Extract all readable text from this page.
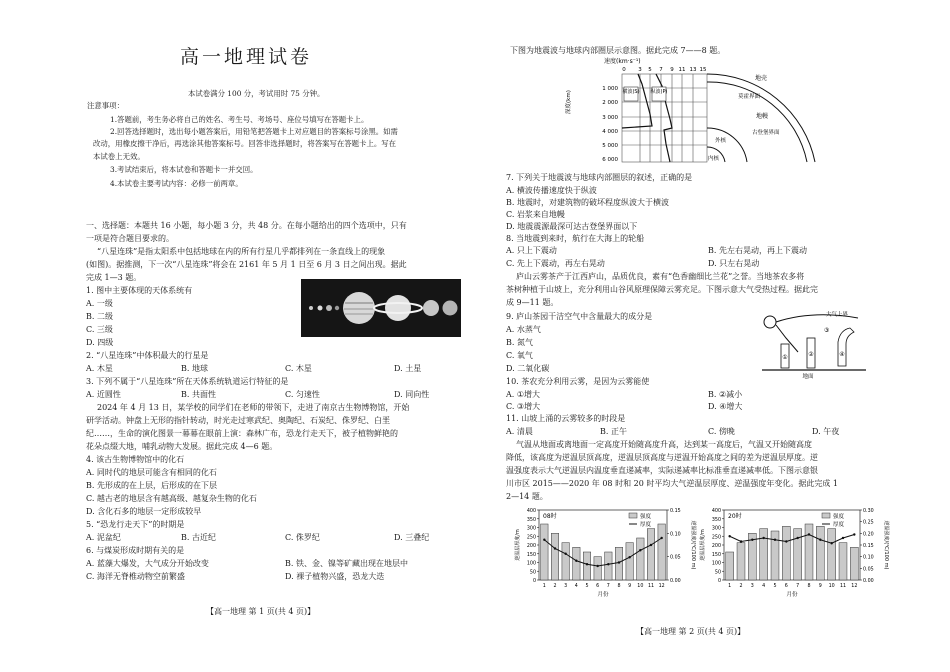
高一地理试卷
本试卷满分 100 分，考试用时 75 分钟。
注意事项：
1.答题前，考生务必将自己的姓名、考生号、考场号、座位号填写在答题卡上。
2.回答选择题时，选出每小题答案后，用铅笔把答题卡上对应题目的答案标号涂黑。如需
改动，用橡皮擦干净后，再选涂其他答案标号。回答非选择题时，将答案写在答题卡上。写在
本试卷上无效。
3.考试结束后，将本试卷和答题卡一并交回。
4.本试卷主要考试内容：必修一前两章。
一、选择题：本题共 16 小题，每小题 3 分，共 48 分。在每小题给出的四个选项中，只有
一项是符合题目要求的。
“八星连珠”是指太阳系中包括地球在内的所有行星几乎都排列在一条直线上的现象
(如图)。据推测，下一次“八星连珠”将会在 2161 年 5 月 1 日至 6 月 3 日之间出现。据此
完成 1—3 题。
1. 图中主要体现的天体系统有
A. 一级
B. 二级
C. 三级
D. 四级
2. “八星连珠”中体积最大的行星是
A. 木星	B. 地球	C. 木星	D. 土星
3. 下列不属于“八星连珠”所在天体系统轨道运行特征的是
A. 近圆性	B. 共面性	C. 匀速性	D. 同向性
2024 年 4 月 13 日，某学校的同学们在老师的带领下，走进了南京古生物博物馆，开始
研学活动。钟盘上无形的指针转动，时光走过寒武纪、奥陶纪、石炭纪、侏罗纪、白垩
纪……，生命的演化图景一幕幕在眼前上演：森林广布，恐龙行走天下，被子植物鲜艳的
花朵点缀大地，哺乳动物大发展。据此完成 4—6 题。
4. 该古生物博物馆中的化石
A. 同时代的地层可能含有相同的化石
B. 先形成的在上层，后形成的在下层
C. 越古老的地层含有越高级、越复杂生物的化石
D. 含化石多的地层一定形成较早
5. “恐龙行走天下”的时期是
A. 泥盆纪	B. 古近纪	C. 侏罗纪	D. 三叠纪
6. 与煤炭形成时期有关的是
A. 蓝藻大爆发，大气成分开始改变	B. 铁、金、镍等矿藏出现在地层中
C. 海洋无脊椎动物空前繁盛	D. 裸子植物兴盛，恐龙大迭
【高一地理 第 1 页(共 4 页)】
下图为地震波与地球内部圈层示意图。据此完成 7——8 题。
速度(km·s⁻¹)
0 3 5 7 9 11 13 15
1 000
2 000
3 000
4 000
5 000
6 000
深度(km)	横波(S) 纵波(P)
地壳
莫霍界面
地幔
古登堡界面
外核
内核
7. 下列关于地震波与地球内部圈层的叙述，正确的是
A. 横波传播速度快于纵波
B. 地震时，对建筑物的破坏程度纵波大于横波
C. 岩浆来自地幔
D. 地震震源最深可达古登堡界面以下
8. 当地震到来时，航行在大海上的轮船
A. 只上下震动	B. 先左右晃动，再上下震动
C. 先上下震动，再左右晃动	D. 只左右晃动
庐山云雾茶产于江西庐山，品质优良，素有“色香幽细比兰花”之誉。当地茶农多将
茶树种植于山坡上，充分利用山谷风原理保障云雾充足。下图示意大气受热过程。据此完
成 9—11 题。
9. 庐山茶园干洁空气中含量最大的成分是
A. 水蒸气
B. 氮气
C. 氧气
D. 二氧化碳
大气上界
①	②	④
③
地面
10. 茶农充分利用云雾，是因为云雾能使
A. ①增大	B. ②减小
C. ③增大	D. ④增大
11. 山坡上涌的云雾较多的时段是
A. 清晨	B. 正午	C. 傍晚	D. 午夜
气温从地面或离地面一定高度开始随高度升高，达到某一高度后，气温又开始随高度
降低，该高度为逆温层顶高度，逆温层顶高度与逆温开始高度之间的差为逆温层厚度。逆
温强度表示大气逆温层内温度垂直递减率，实际递减率比标准垂直递减率低。下图示意银
川市区 2015——2020 年 08 时和 20 时平均大气逆温层厚度、逆温强度年变化。据此完成 1
2—14 题。
0
50
100
150
200
250
300
350
400
0.00
0.05
0.10
0.15
1 2 3 4 5 6 7 8 9 10 11 12
月份
逆温层厚度/m	逆温强度/(℃/100 m)
08时	强度
厚度
0
50
100
150
200
250
300
350
400
0.00
0.05
0.10
0.15
0.20
0.25
0.30
1 2 3 4 5 6 7 8 9 10 11 12
月份
逆温层厚度/m	逆温强度/(℃/100 m)
20时	强度
厚度
【高一地理 第 2 页(共 4 页)】
